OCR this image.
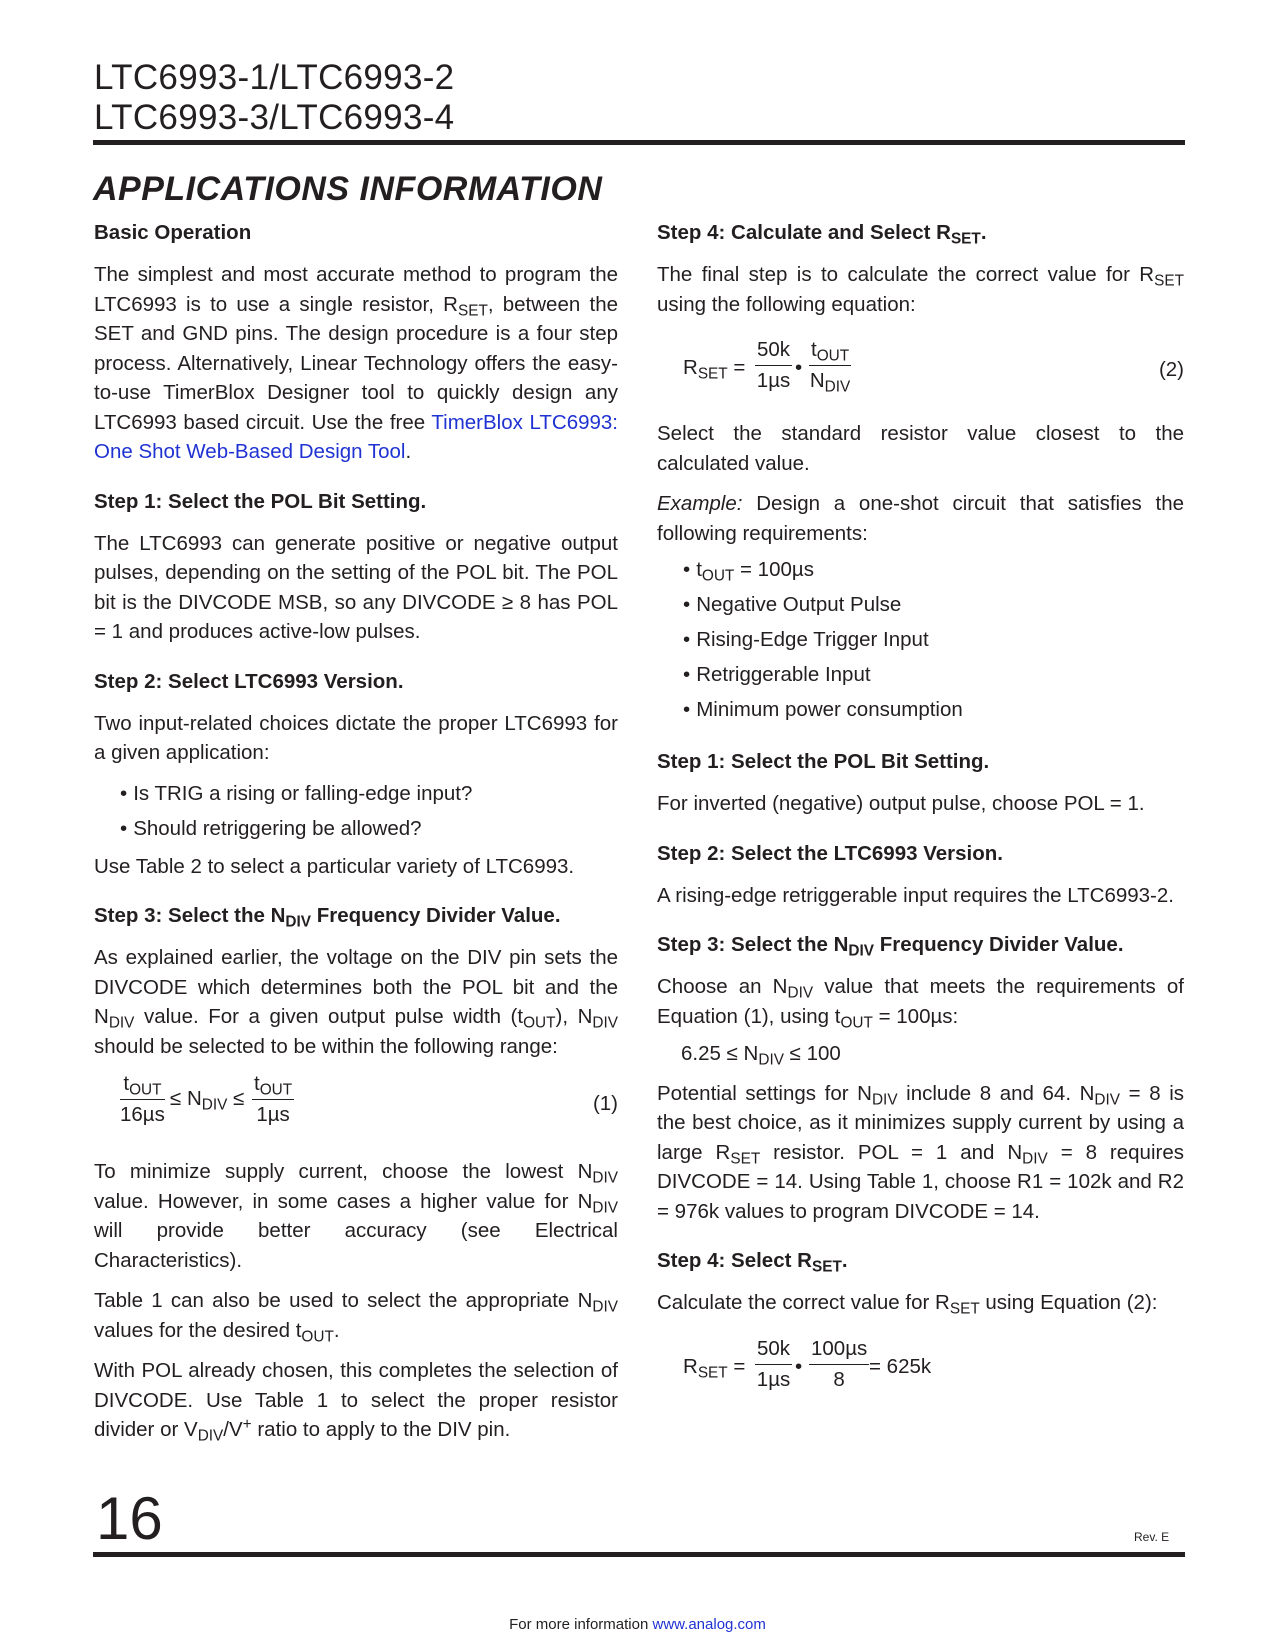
LTC6993-1/LTC6993-2
LTC6993-3/LTC6993-4
APPLICATIONS INFORMATION
Basic Operation

The simplest and most accurate method to program the LTC6993 is to use a single resistor, $R_{SET}$, between the SET and GND pins. The design procedure is a four step process. Alternatively, Linear Technology offers the easy-to-use TimerBlox Designer tool to quickly design any LTC6993 based circuit. Use the free TimerBlox LTC6993: One Shot Web-Based Design Tool.

Step 1: Select the POL Bit Setting.

The LTC6993 can generate positive or negative output pulses, depending on the setting of the POL bit. The POL bit is the DIVCODE MSB, so any DIVCODE ≥ 8 has POL = 1 and produces active-low pulses.

Step 2: Select LTC6993 Version.

Two input-related choices dictate the proper LTC6993 for a given application:

• Is TRIG a rising or falling-edge input?
• Should retriggering be allowed?

Use Table 2 to select a particular variety of LTC6993.

Step 3: Select the $N_{DIV}$ Frequency Divider Value.

As explained earlier, the voltage on the DIV pin sets the DIVCODE which determines both the POL bit and the $N_{DIV}$ value. For a given output pulse width $(t_{OUT})$, $N_{DIV}$ should be selected to be within the following range:

$t_{OUT}$
16µs
≤ $N_{DIV}$ ≤
$t_{OUT}$
1µs	(1)

To minimize supply current, choose the lowest $N_{DIV}$ value. However, in some cases a higher value for $N_{DIV}$ will provide better accuracy (see Electrical Characteristics).

Table 1 can also be used to select the appropriate $N_{DIV}$ values for the desired $t_{OUT}$.

With POL already chosen, this completes the selection of DIVCODE. Use Table 1 to select the proper resistor divider or $V_{DIV}/V^+$ ratio to apply to the DIV pin.

Step 4: Calculate and Select $R_{SET}$.

The final step is to calculate the correct value for $R_{SET}$ using the following equation:

$R_{SET}$ =
50k
1µs
•
$t_{OUT}$
$N_{DIV}$
(2)

Select the standard resistor value closest to the calculated value.

Example: Design a one-shot circuit that satisfies the following requirements:

• $t_{OUT} = 100\mu s$
• Negative Output Pulse
• Rising-Edge Trigger Input
• Retriggerable Input
• Minimum power consumption
Step 1: Select the POL Bit Setting.

For inverted (negative) output pulse, choose POL = 1.

Step 2: Select the LTC6993 Version.

A rising-edge retriggerable input requires the LTC6993-2.

Step 3: Select the $N_{DIV}$ Frequency Divider Value.

Choose an $N_{DIV}$ value that meets the requirements of Equation (1), using $t_{OUT} = 100\mu s$:

$6.25 \le N_{DIV} \le 100$

Potential settings for $N_{DIV}$ include 8 and 64. $N_{DIV} = 8$ is the best choice, as it minimizes supply current by using a large $R_{SET}$ resistor. POL = 1 and $N_{DIV} = 8$ requires DIVCODE = 14. Using Table 1, choose R1 = 102k and R2 = 976k values to program DIVCODE = 14.

Step 4: Select $R_{SET}$.

Calculate the correct value for $R_{SET}$ using Equation (2):

$R_{SET}$ =
50k
1µs
•
100µs
8
= 625k
Rev. E
16
For more information www.analog.com
